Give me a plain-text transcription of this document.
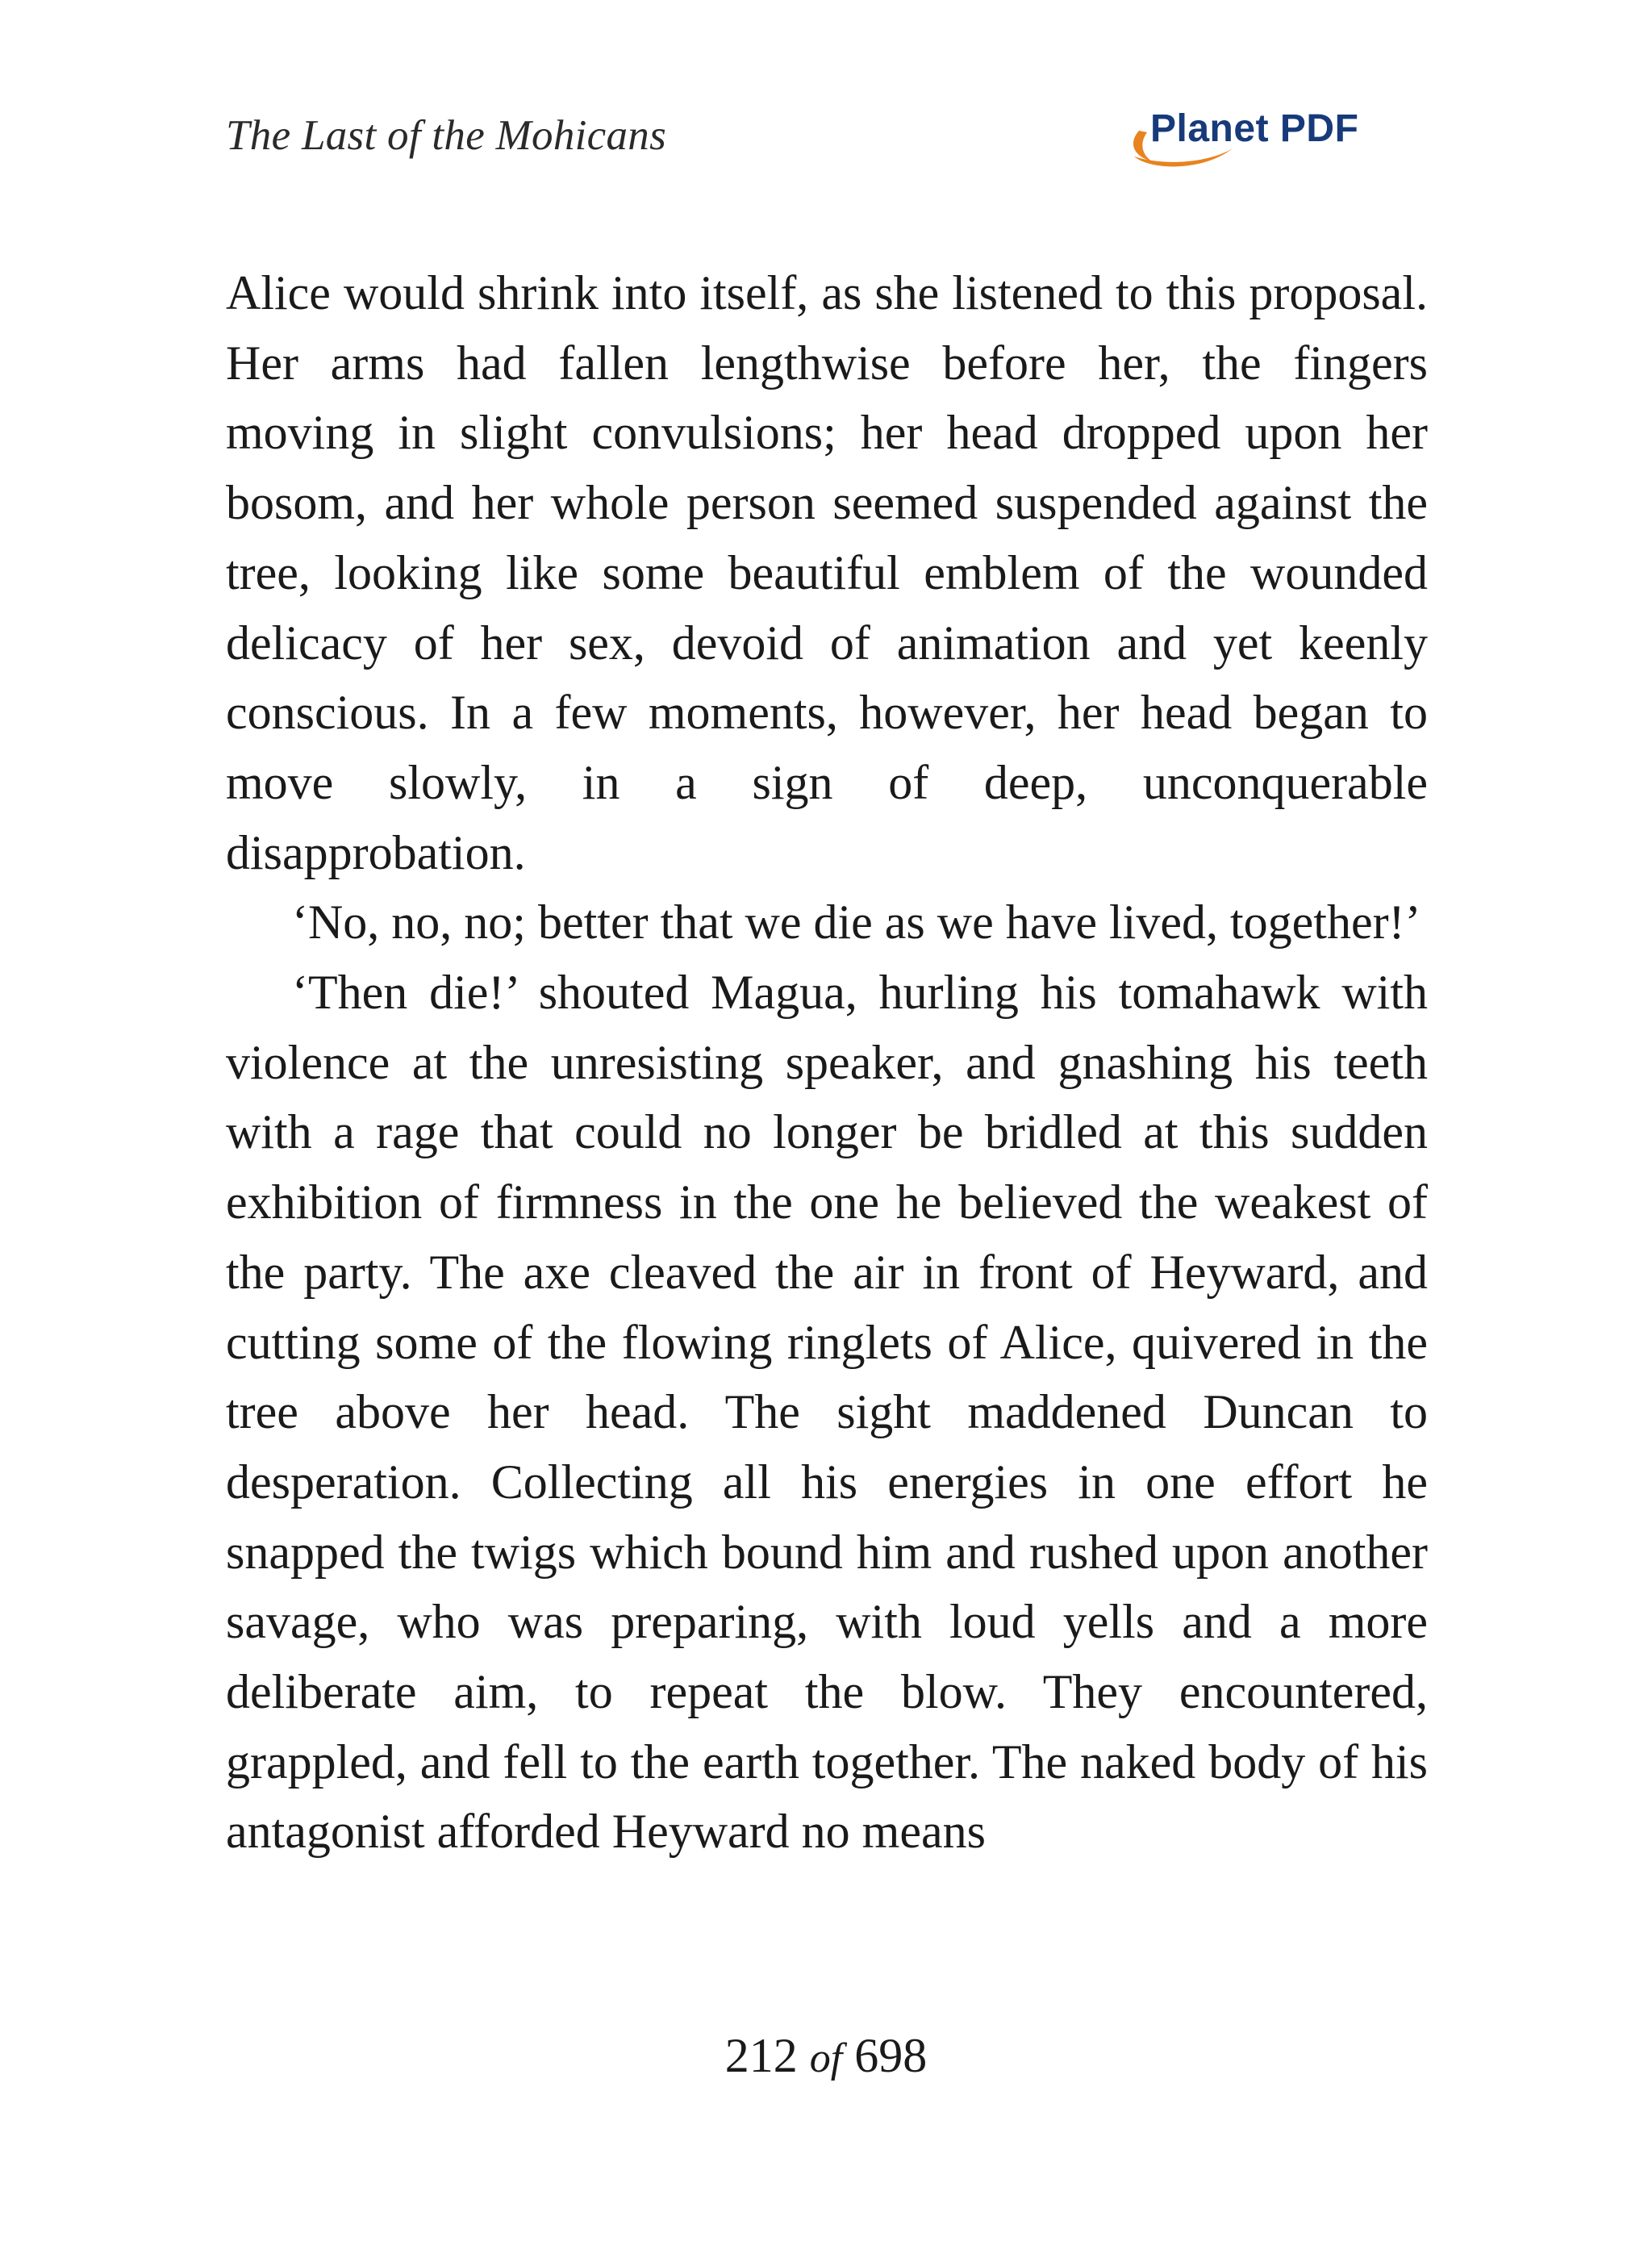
The Last of the Mohicans	Planet PDF

Alice would shrink into itself, as she listened to this proposal. Her arms had fallen lengthwise before her, the fingers moving in slight convulsions; her head dropped upon her bosom, and her whole person seemed suspended against the tree, looking like some beautiful emblem of the wounded delicacy of her sex, devoid of animation and yet keenly conscious. In a few moments, however, her head began to move slowly, in a sign of deep, unconquerable disapprobation.

‘No, no, no; better that we die as we have lived, together!’

‘Then die!’ shouted Magua, hurling his tomahawk with violence at the unresisting speaker, and gnashing his teeth with a rage that could no longer be bridled at this sudden exhibition of firmness in the one he believed the weakest of the party. The axe cleaved the air in front of Heyward, and cutting some of the flowing ringlets of Alice, quivered in the tree above her head. The sight maddened Duncan to desperation. Collecting all his energies in one effort he snapped the twigs which bound him and rushed upon another savage, who was preparing, with loud yells and a more deliberate aim, to repeat the blow. They encountered, grappled, and fell to the earth together. The naked body of his antagonist afforded Heyward no means

212 of 698
